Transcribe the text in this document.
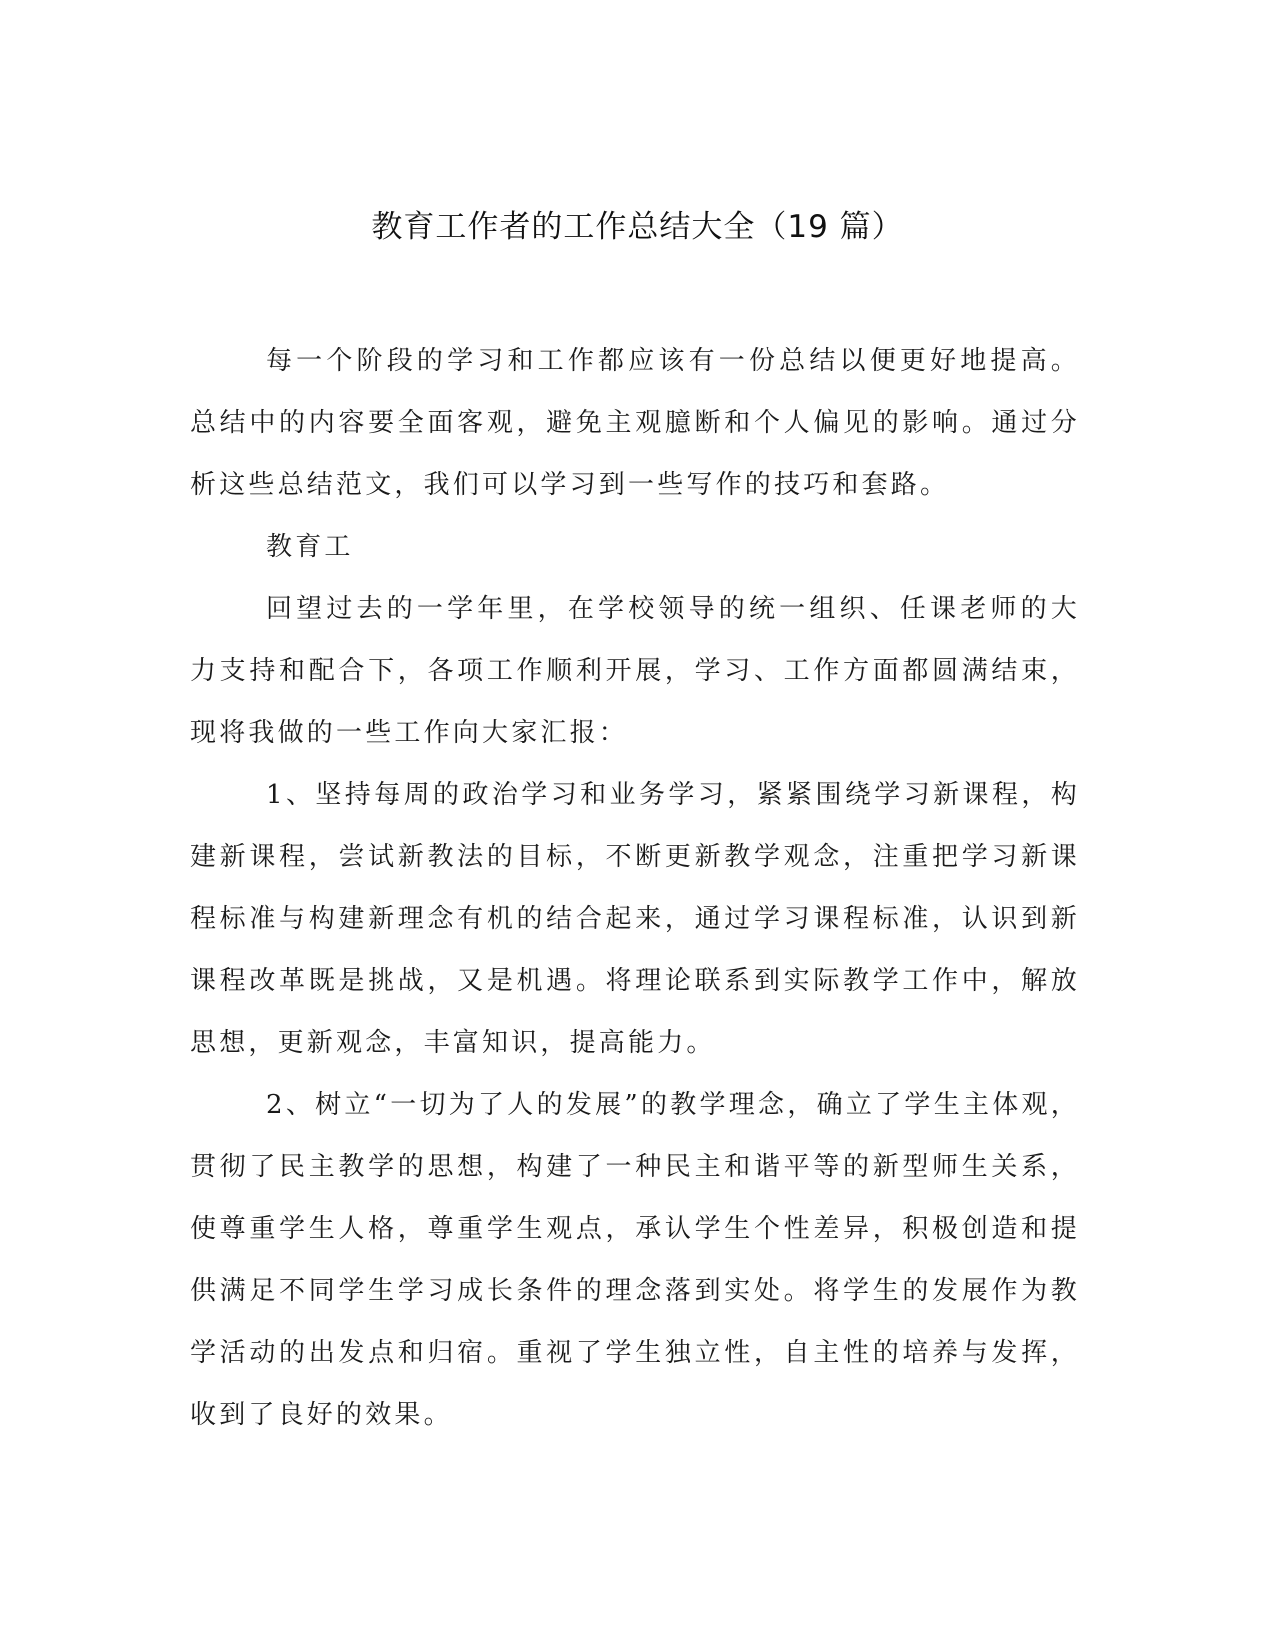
教育工作者的工作总结大全（19 篇）

每一个阶段的学习和工作都应该有一份总结以便更好地提高。总结中的内容要全面客观，避免主观臆断和个人偏见的影响。通过分析这些总结范文，我们可以学习到一些写作的技巧和套路。

教育工

回望过去的一学年里，在学校领导的统一组织、任课老师的大力支持和配合下，各项工作顺利开展，学习、工作方面都圆满结束，现将我做的一些工作向大家汇报：

1、坚持每周的政治学习和业务学习，紧紧围绕学习新课程，构建新课程，尝试新教法的目标，不断更新教学观念，注重把学习新课程标准与构建新理念有机的结合起来，通过学习课程标准，认识到新课程改革既是挑战，又是机遇。将理论联系到实际教学工作中，解放思想，更新观念，丰富知识，提高能力。

2、树立“一切为了人的发展”的教学理念，确立了学生主体观，贯彻了民主教学的思想，构建了一种民主和谐平等的新型师生关系，使尊重学生人格，尊重学生观点，承认学生个性差异，积极创造和提供满足不同学生学习成长条件的理念落到实处。将学生的发展作为教学活动的出发点和归宿。重视了学生独立性，自主性的培养与发挥，收到了良好的效果。
